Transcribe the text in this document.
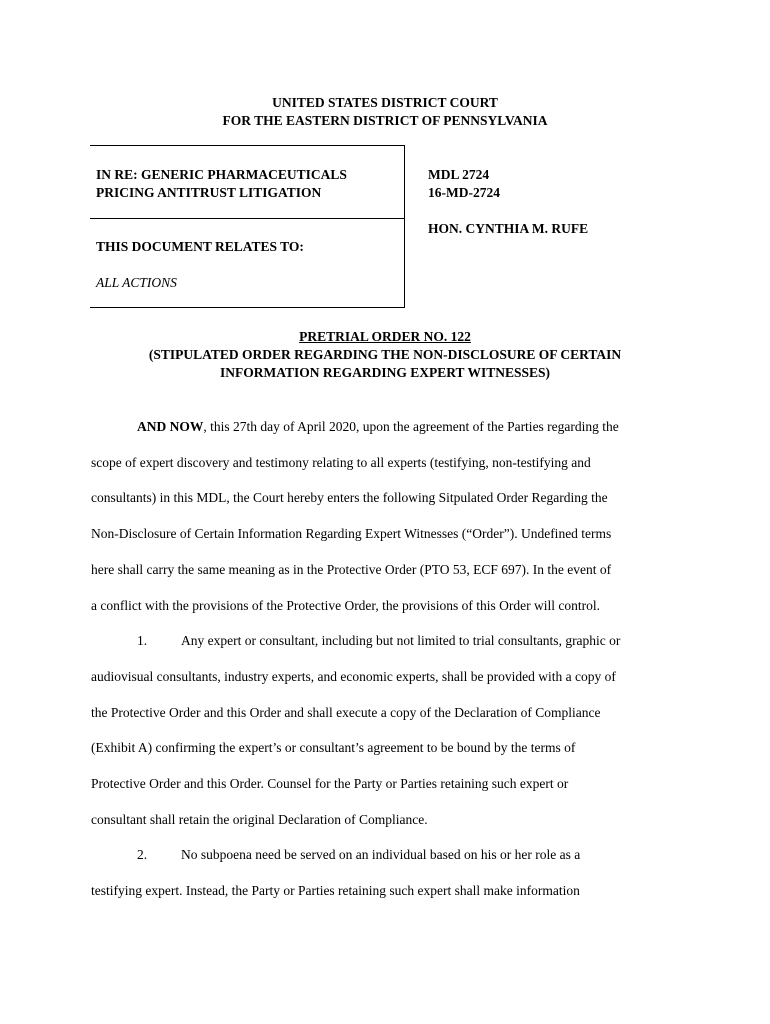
UNITED STATES DISTRICT COURT
FOR THE EASTERN DISTRICT OF PENNSYLVANIA
IN RE: GENERIC PHARMACEUTICALS
PRICING ANTITRUST LITIGATION
THIS DOCUMENT RELATES TO:
ALL ACTIONS
MDL 2724
16-MD-2724
HON. CYNTHIA M. RUFE
PRETRIAL ORDER NO. 122
(STIPULATED ORDER REGARDING THE NON-DISCLOSURE OF CERTAIN
INFORMATION REGARDING EXPERT WITNESSES)
AND NOW, this 27th day of April 2020, upon the agreement of the Parties regarding the
scope of expert discovery and testimony relating to all experts (testifying, non-testifying and
consultants) in this MDL, the Court hereby enters the following Sitpulated Order Regarding the
Non-Disclosure of Certain Information Regarding Expert Witnesses (“Order”). Undefined terms
here shall carry the same meaning as in the Protective Order (PTO 53, ECF 697). In the event of
a conflict with the provisions of the Protective Order, the provisions of this Order will control.
1.	Any expert or consultant, including but not limited to trial consultants, graphic or
audiovisual consultants, industry experts, and economic experts, shall be provided with a copy of
the Protective Order and this Order and shall execute a copy of the Declaration of Compliance
(Exhibit A) confirming the expert’s or consultant’s agreement to be bound by the terms of
Protective Order and this Order. Counsel for the Party or Parties retaining such expert or
consultant shall retain the original Declaration of Compliance.
2.	No subpoena need be served on an individual based on his or her role as a
testifying expert. Instead, the Party or Parties retaining such expert shall make information
